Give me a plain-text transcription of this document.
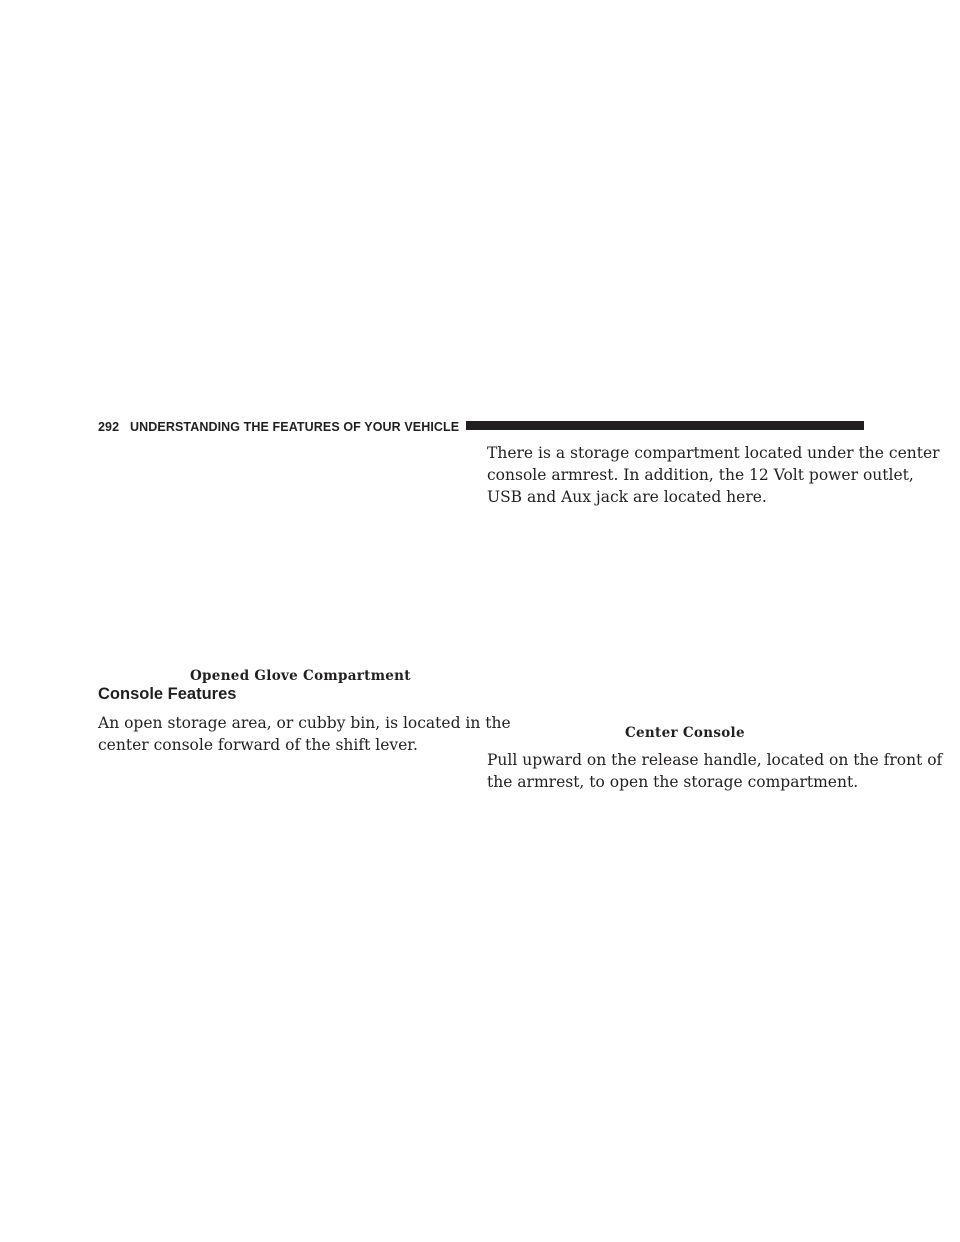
292 UNDERSTANDING THE FEATURES OF YOUR VEHICLE
Opened Glove Compartment
Console Features
An open storage area, or cubby bin, is located in the
center console forward of the shift lever.
There is a storage compartment located under the center
console armrest. In addition, the 12 Volt power outlet,
USB and Aux jack are located here.
Center Console
Pull upward on the release handle, located on the front of
the armrest, to open the storage compartment.
